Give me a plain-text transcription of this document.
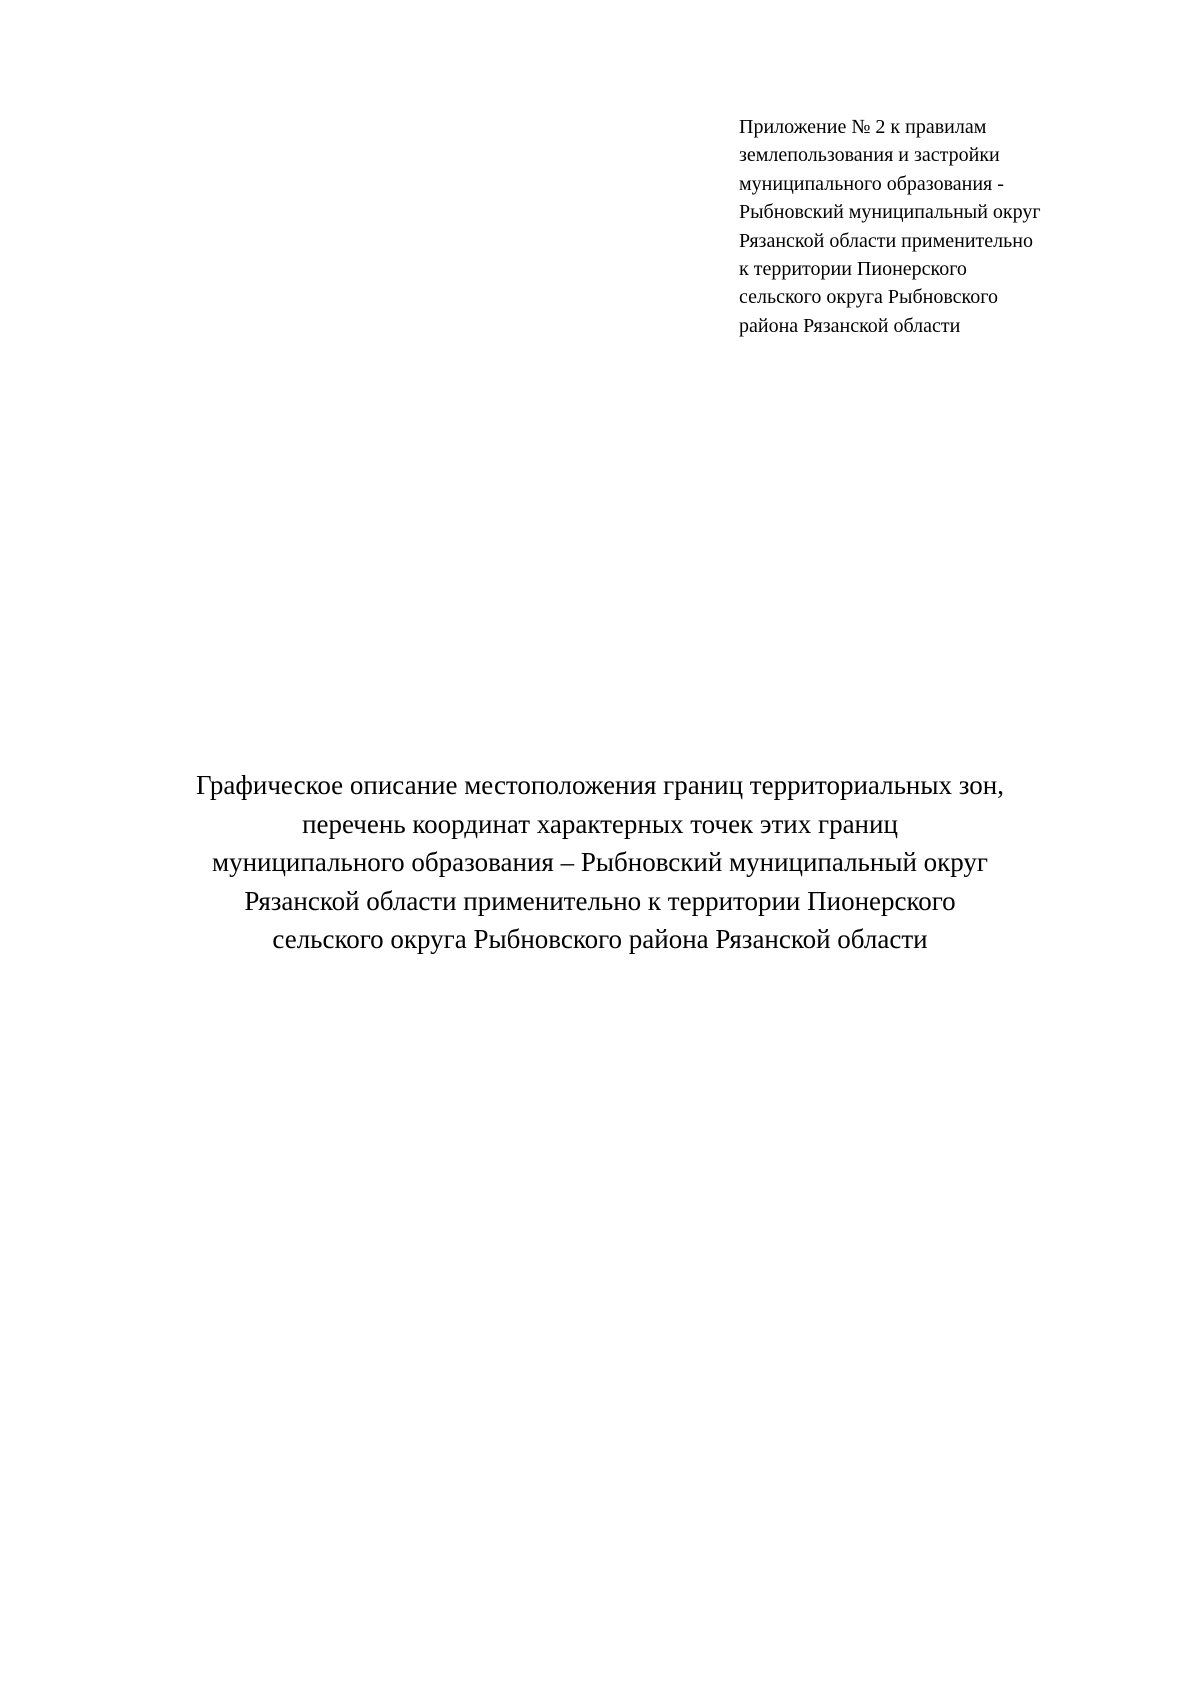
Приложение № 2 к правилам
землепользования и застройки
муниципального образования -
Рыбновский муниципальный округ
Рязанской области применительно
к территории Пионерского
сельского округа Рыбновского
района Рязанской области
Графическое описание местоположения границ территориальных зон,
перечень координат характерных точек этих границ
муниципального образования – Рыбновский муниципальный округ
Рязанской области применительно к территории Пионерского
сельского округа Рыбновского района Рязанской области
